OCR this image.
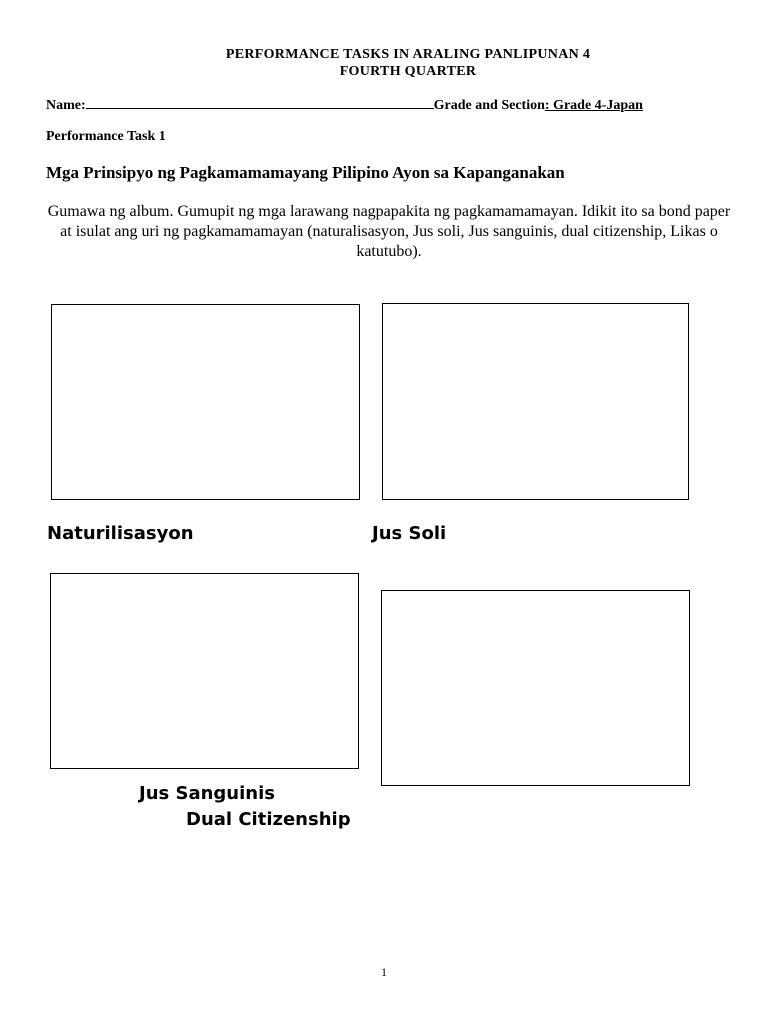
PERFORMANCE TASKS IN ARALING PANLIPUNAN 4
FOURTH QUARTER
Name:	Grade and Section: Grade 4-Japan
Performance Task 1
Mga Prinsipyo ng Pagkamamamayang Pilipino Ayon sa Kapanganakan
Gumawa ng album. Gumupit ng mga larawang nagpapakita ng pagkamamamayan. Idikit ito sa bond paper at isulat ang uri ng pagkamamamayan (naturalisasyon, Jus soli, Jus sanguinis, dual citizenship, Likas o katutubo).
Naturilisasyon	Jus Soli
Jus Sanguinis
Dual Citizenship
1
